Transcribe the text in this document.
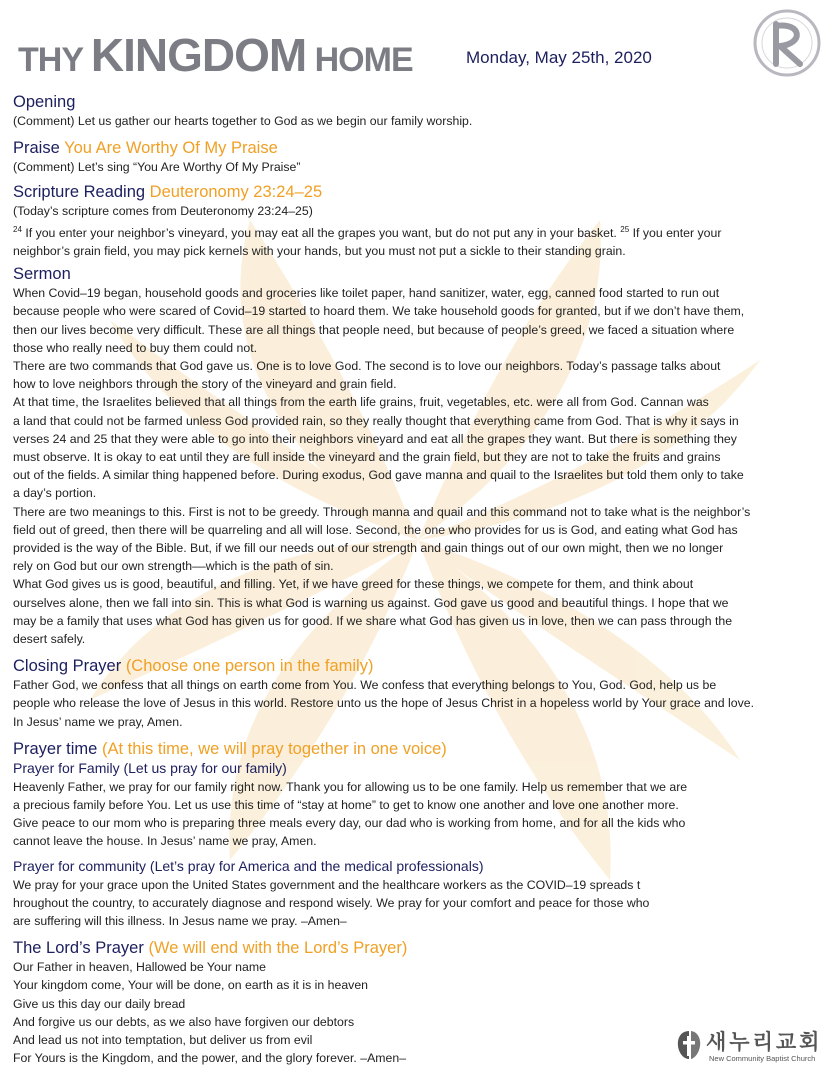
THY KINGDOM HOME	Monday, May 25th, 2020
Opening
(Comment) Let us gather our hearts together to God as we begin our family worship.
Praise You Are Worthy Of My Praise
(Comment) Let’s sing “You Are Worthy Of My Praise”
Scripture Reading Deuteronomy 23:24–25
(Today’s scripture comes from Deuteronomy 23:24–25)
$^{24}$ If you enter your neighbor’s vineyard, you may eat all the grapes you want, but do not put any in your basket. $^{25}$ If you enter your
neighbor’s grain field, you may pick kernels with your hands, but you must not put a sickle to their standing grain.
Sermon
When Covid–19 began, household goods and groceries like toilet paper, hand sanitizer, water, egg, canned food started to run out
because people who were scared of Covid–19 started to hoard them. We take household goods for granted, but if we don’t have them,
then our lives become very difficult. These are all things that people need, but because of people’s greed, we faced a situation where
those who really need to buy them could not.
There are two commands that God gave us. One is to love God. The second is to love our neighbors. Today’s passage talks about
how to love neighbors through the story of the vineyard and grain field.
At that time, the Israelites believed that all things from the earth life grains, fruit, vegetables, etc. were all from God. Cannan was
a land that could not be farmed unless God provided rain, so they really thought that everything came from God. That is why it says in
verses 24 and 25 that they were able to go into their neighbors vineyard and eat all the grapes they want. But there is something they
must observe. It is okay to eat until they are full inside the vineyard and the grain field, but they are not to take the fruits and grains
out of the fields. A similar thing happened before. During exodus, God gave manna and quail to the Israelites but told them only to take
a day’s portion.
There are two meanings to this. First is not to be greedy. Through manna and quail and this command not to take what is the neighbor’s
field out of greed, then there will be quarreling and all will lose. Second, the one who provides for us is God, and eating what God has
provided is the way of the Bible. But, if we fill our needs out of our strength and gain things out of our own might, then we no longer
rely on God but our own strength––which is the path of sin.
What God gives us is good, beautiful, and filling. Yet, if we have greed for these things, we compete for them, and think about
ourselves alone, then we fall into sin. This is what God is warning us against. God gave us good and beautiful things. I hope that we
may be a family that uses what God has given us for good. If we share what God has given us in love, then we can pass through the
desert safely.
Closing Prayer (Choose one person in the family)
Father God, we confess that all things on earth come from You. We confess that everything belongs to You, God. God, help us be
people who release the love of Jesus in this world. Restore unto us the hope of Jesus Christ in a hopeless world by Your grace and love.
In Jesus’ name we pray, Amen.
Prayer time (At this time, we will pray together in one voice)
Prayer for Family (Let us pray for our family)
Heavenly Father, we pray for our family right now. Thank you for allowing us to be one family. Help us remember that we are
a precious family before You. Let us use this time of “stay at home” to get to know one another and love one another more.
Give peace to our mom who is preparing three meals every day, our dad who is working from home, and for all the kids who
cannot leave the house. In Jesus’ name we pray, Amen.
Prayer for community (Let’s pray for America and the medical professionals)
We pray for your grace upon the United States government and the healthcare workers as the COVID–19 spreads t
hroughout the country, to accurately diagnose and respond wisely. We pray for your comfort and peace for those who
are suffering will this illness. In Jesus name we pray. –Amen–
The Lord’s Prayer (We will end with the Lord’s Prayer)
Our Father in heaven, Hallowed be Your name
Your kingdom come, Your will be done, on earth as it is in heaven
Give us this day our daily bread
And forgive us our debts, as we also have forgiven our debtors
And lead us not into temptation, but deliver us from evil
For Yours is the Kingdom, and the power, and the glory forever. –Amen–
새누리교회
New Community Baptist Church
